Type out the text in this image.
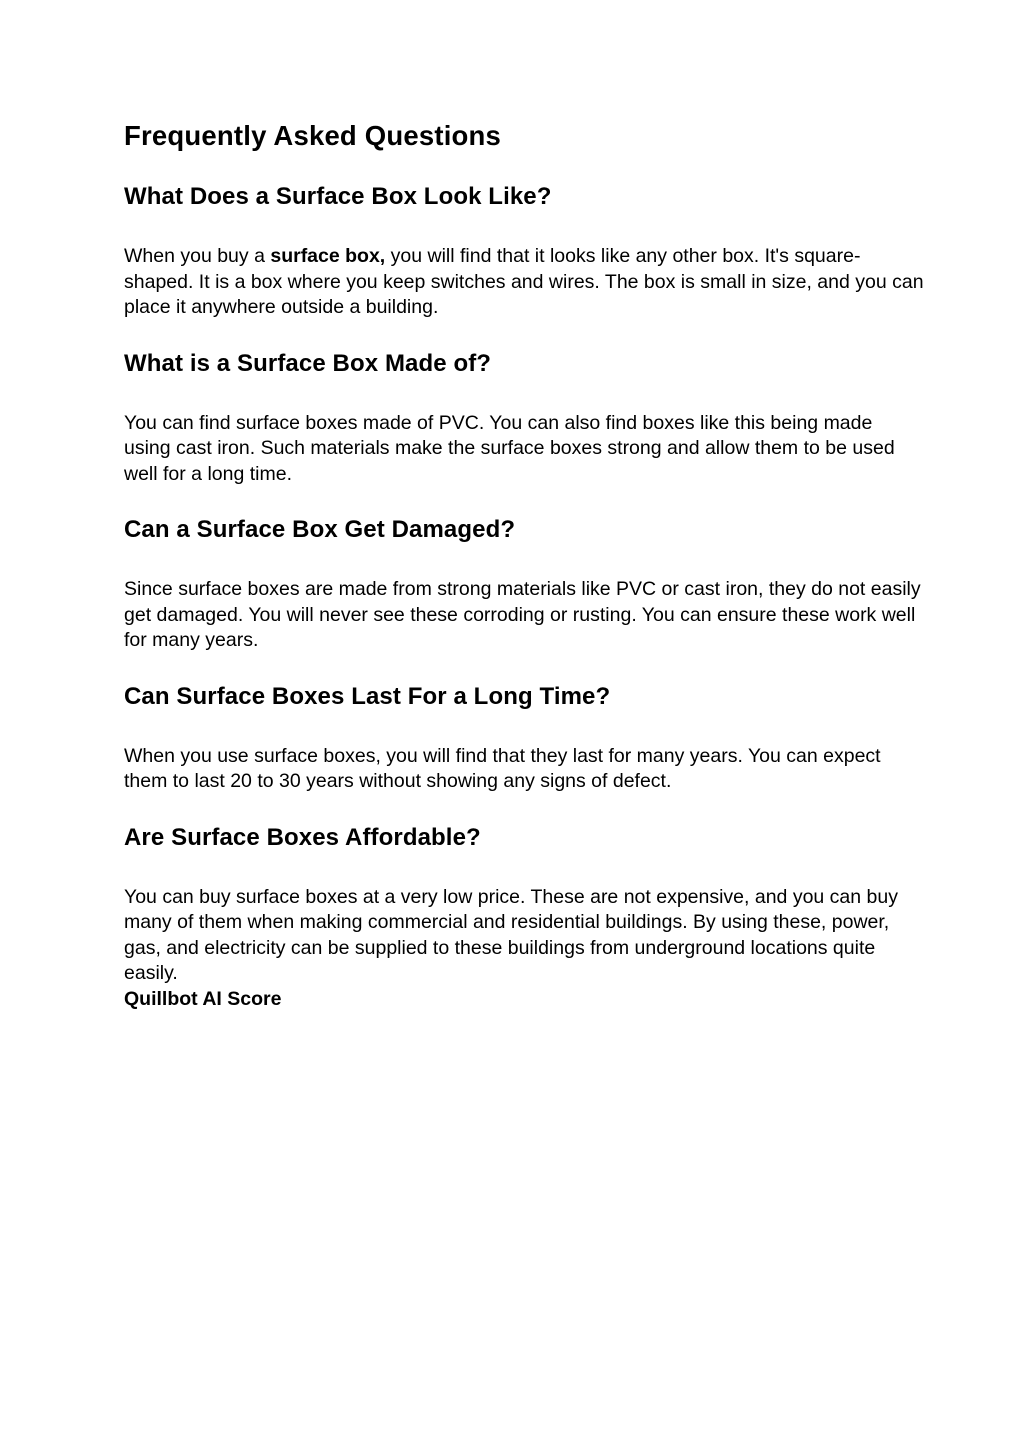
Frequently Asked Questions
What Does a Surface Box Look Like?

When you buy a surface box, you will find that it looks like any other box. It's square-shaped. It is a box where you keep switches and wires. The box is small in size, and you can place it anywhere outside a building.

What is a Surface Box Made of?

You can find surface boxes made of PVC. You can also find boxes like this being made using cast iron. Such materials make the surface boxes strong and allow them to be used well for a long time.

Can a Surface Box Get Damaged?

Since surface boxes are made from strong materials like PVC or cast iron, they do not easily get damaged. You will never see these corroding or rusting. You can ensure these work well for many years.

Can Surface Boxes Last For a Long Time?

When you use surface boxes, you will find that they last for many years. You can expect them to last 20 to 30 years without showing any signs of defect.

Are Surface Boxes Affordable?

You can buy surface boxes at a very low price. These are not expensive, and you can buy many of them when making commercial and residential buildings. By using these, power, gas, and electricity can be supplied to these buildings from underground locations quite easily.

Quillbot AI Score
